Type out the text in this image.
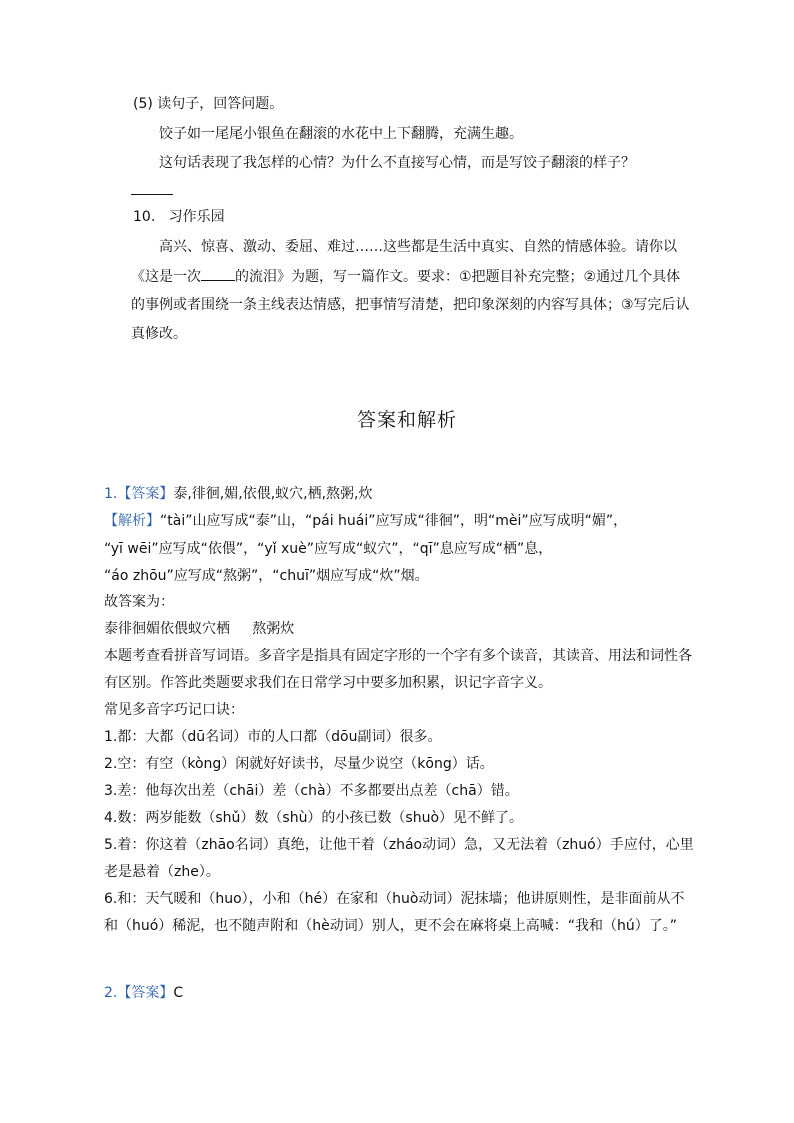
(5) 读句子，回答问题。
饺子如一尾尾小银鱼在翻滚的水花中上下翻腾，充满生趣。
这句话表现了我怎样的心情？为什么不直接写心情，而是写饺子翻滚的样子？
10.   习作乐园
高兴、惊喜、激动、委屈、难过……这些都是生活中真实、自然的情感体验。请你以
《这是一次 的流泪》为题，写一篇作文。要求：①把题目补充完整；②通过几个具体
的事例或者围绕一条主线表达情感，把事情写清楚，把印象深刻的内容写具体；③写完后认
真修改。
答案和解析
1.【答案】泰,徘徊,媚,依偎,蚁穴,栖,熬粥,炊
【解析】“tài”山应写成“泰”山，“pái huái”应写成“徘徊”，明“mèi”应写成明“媚”，
“yī wēi”应写成“依偎”，“yǐ xuè”应写成“蚁穴”，“qī”息应写成“栖”息，
“áo zhōu”应写成“熬粥”，“chuī”烟应写成“炊”烟。
故答案为：
泰徘徊媚依偎蚁穴栖     熬粥炊
本题考查看拼音写词语。多音字是指具有固定字形的一个字有多个读音，其读音、用法和词性各
有区别。作答此类题要求我们在日常学习中要多加积累，识记字音字义。
常见多音字巧记口诀：
1.都：大都（dū名词）市的人口都（dōu副词）很多。
2.空：有空（kòng）闲就好好读书，尽量少说空（kōng）话。
3.差：他每次出差（chāi）差（chà）不多都要出点差（chā）错。
4.数：两岁能数（shǔ）数（shù）的小孩已数（shuò）见不鲜了。
5.着：你这着（zhāo名词）真绝，让他干着（zháo动词）急，又无法着（zhuó）手应付，心里
老是悬着（zhe）。
6.和：天气暖和（huo），小和（hé）在家和（huò动词）泥抹墙；他讲原则性，是非面前从不
和（huó）稀泥，也不随声附和（hè动词）别人，更不会在麻将桌上高喊：“我和（hú）了。”
2.【答案】C
